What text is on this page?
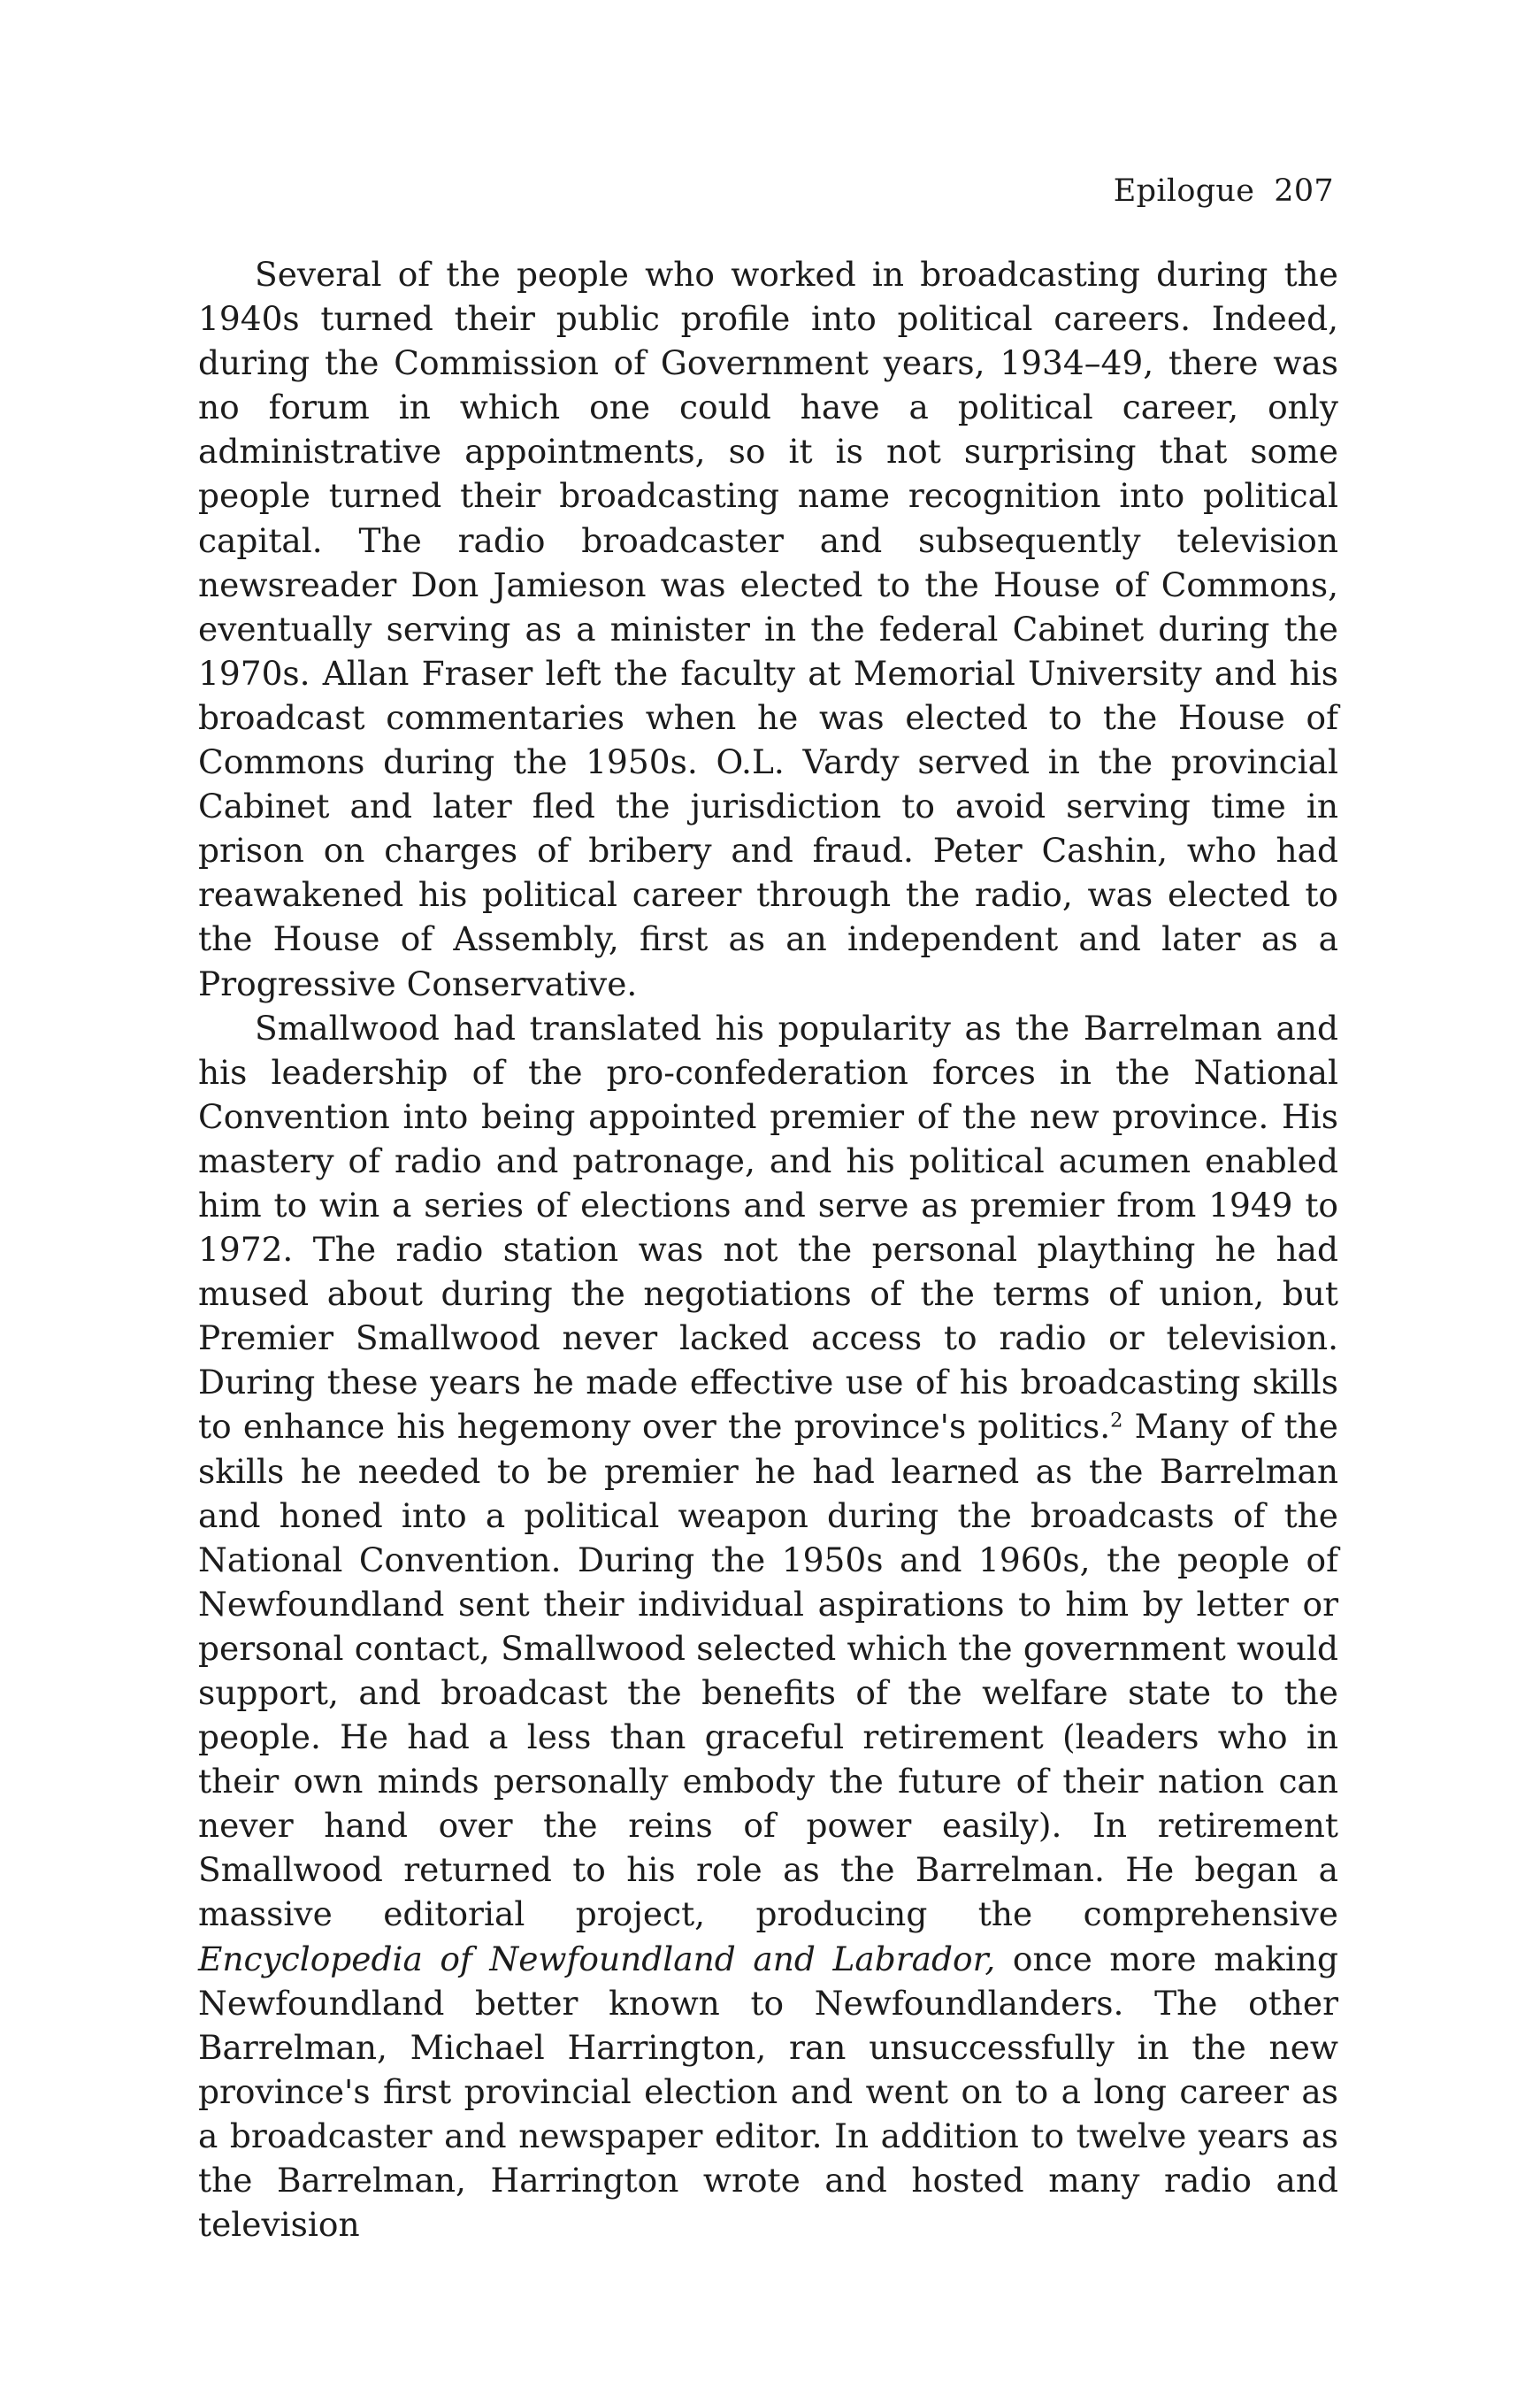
Epilogue 207

Several of the people who worked in broadcasting during the 1940s turned their public profile into political careers. Indeed, during the Commission of Government years, 1934–49, there was no forum in which one could have a political career, only administrative appointments, so it is not surprising that some people turned their broadcasting name recognition into political capital. The radio broadcaster and subsequently television newsreader Don Jamieson was elected to the House of Commons, eventually serving as a minister in the federal Cabinet during the 1970s. Allan Fraser left the faculty at Memorial University and his broadcast commentaries when he was elected to the House of Commons during the 1950s. O.L. Vardy served in the provincial Cabinet and later fled the jurisdiction to avoid serving time in prison on charges of bribery and fraud. Peter Cashin, who had reawakened his political career through the radio, was elected to the House of Assembly, first as an independent and later as a Progressive Conservative.

Smallwood had translated his popularity as the Barrelman and his leadership of the pro-confederation forces in the National Convention into being appointed premier of the new province. His mastery of radio and patronage, and his political acumen enabled him to win a series of elections and serve as premier from 1949 to 1972. The radio station was not the personal plaything he had mused about during the negotiations of the terms of union, but Premier Smallwood never lacked access to radio or television. During these years he made effective use of his broadcasting skills to enhance his hegemony over the province's politics.$^2$ Many of the skills he needed to be premier he had learned as the Barrelman and honed into a political weapon during the broadcasts of the National Convention. During the 1950s and 1960s, the people of Newfoundland sent their individual aspirations to him by letter or personal contact, Smallwood selected which the government would support, and broadcast the benefits of the welfare state to the people. He had a less than graceful retirement (leaders who in their own minds personally embody the future of their nation can never hand over the reins of power easily). In retirement Smallwood returned to his role as the Barrelman. He began a massive editorial project, producing the comprehensive Encyclopedia of Newfoundland and Labrador, once more making Newfoundland better known to Newfoundlanders. The other Barrelman, Michael Harrington, ran unsuccessfully in the new province's first provincial election and went on to a long career as a broadcaster and newspaper editor. In addition to twelve years as the Barrelman, Harrington wrote and hosted many radio and television
